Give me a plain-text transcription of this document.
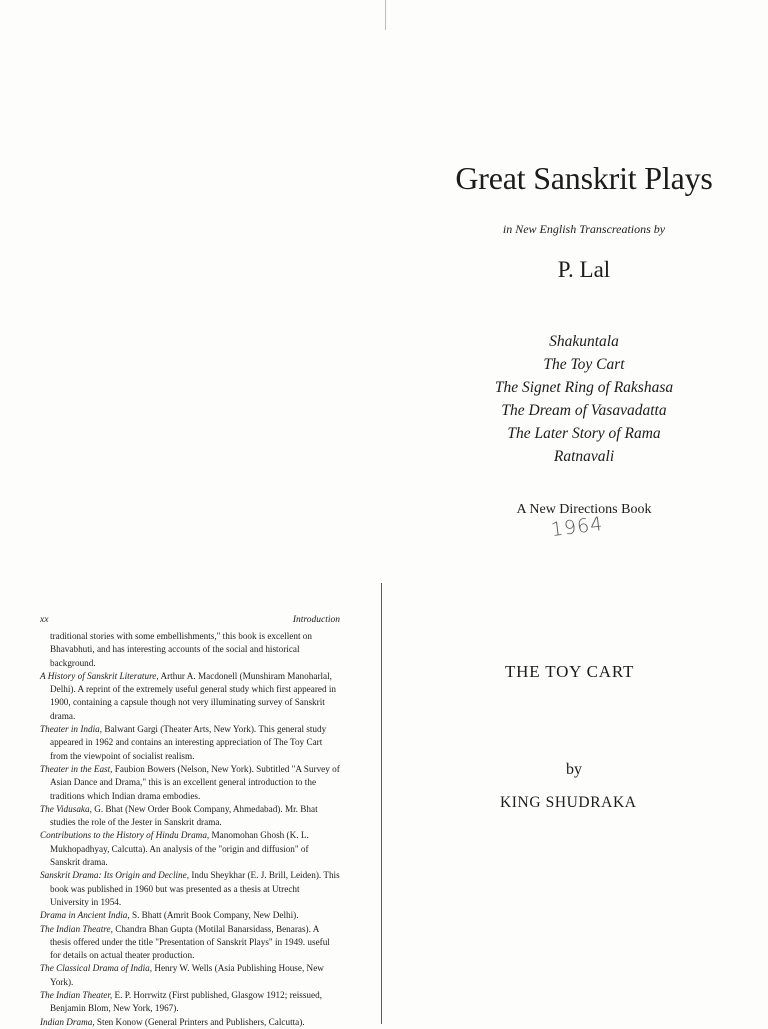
Great Sanskrit Plays
in New English Transcreations by
P. Lal
Shakuntala
The Toy Cart
The Signet Ring of Rakshasa
The Dream of Vasavadatta
The Later Story of Rama
Ratnavali
A New Directions Book
1964
THE TOY CART
by
KING SHUDRAKA
xx	Introduction

traditional stories with some embellishments," this book is excellent on Bhavabhuti, and has interesting accounts of the social and historical background.

A History of Sanskrit Literature, Arthur A. Macdonell (Munshiram Manoharlal, Delhi). A reprint of the extremely useful general study which first appeared in 1900, containing a capsule though not very illuminating survey of Sanskrit drama.

Theater in India, Balwant Gargi (Theater Arts, New York). This general study appeared in 1962 and contains an interesting appreciation of The Toy Cart from the viewpoint of socialist realism.

Theater in the East, Faubion Bowers (Nelson, New York). Subtitled "A Survey of Asian Dance and Drama," this is an excellent general introduction to the traditions which Indian drama embodies.

The Vidusaka, G. Bhat (New Order Book Company, Ahmedabad). Mr. Bhat studies the role of the Jester in Sanskrit drama.

Contributions to the History of Hindu Drama, Manomohan Ghosh (K. L. Mukhopadhyay, Calcutta). An analysis of the "origin and diffusion" of Sanskrit drama.

Sanskrit Drama: Its Origin and Decline, Indu Sheykhar (E. J. Brill, Leiden). This book was published in 1960 but was presented as a thesis at Utrecht University in 1954.

Drama in Ancient India, S. Bhatt (Amrit Book Company, New Delhi).

The Indian Theatre, Chandra Bhan Gupta (Motilal Banarsidass, Benaras). A thesis offered under the title "Presentation of Sanskrit Plays" in 1949. useful for details on actual theater production.

The Classical Drama of India, Henry W. Wells (Asia Publishing House, New York).

The Indian Theater, E. P. Horrwitz (First published, Glasgow 1912; reissued, Benjamin Blom, New York, 1967).

Indian Drama, Sten Konow (General Printers and Publishers, Calcutta).
